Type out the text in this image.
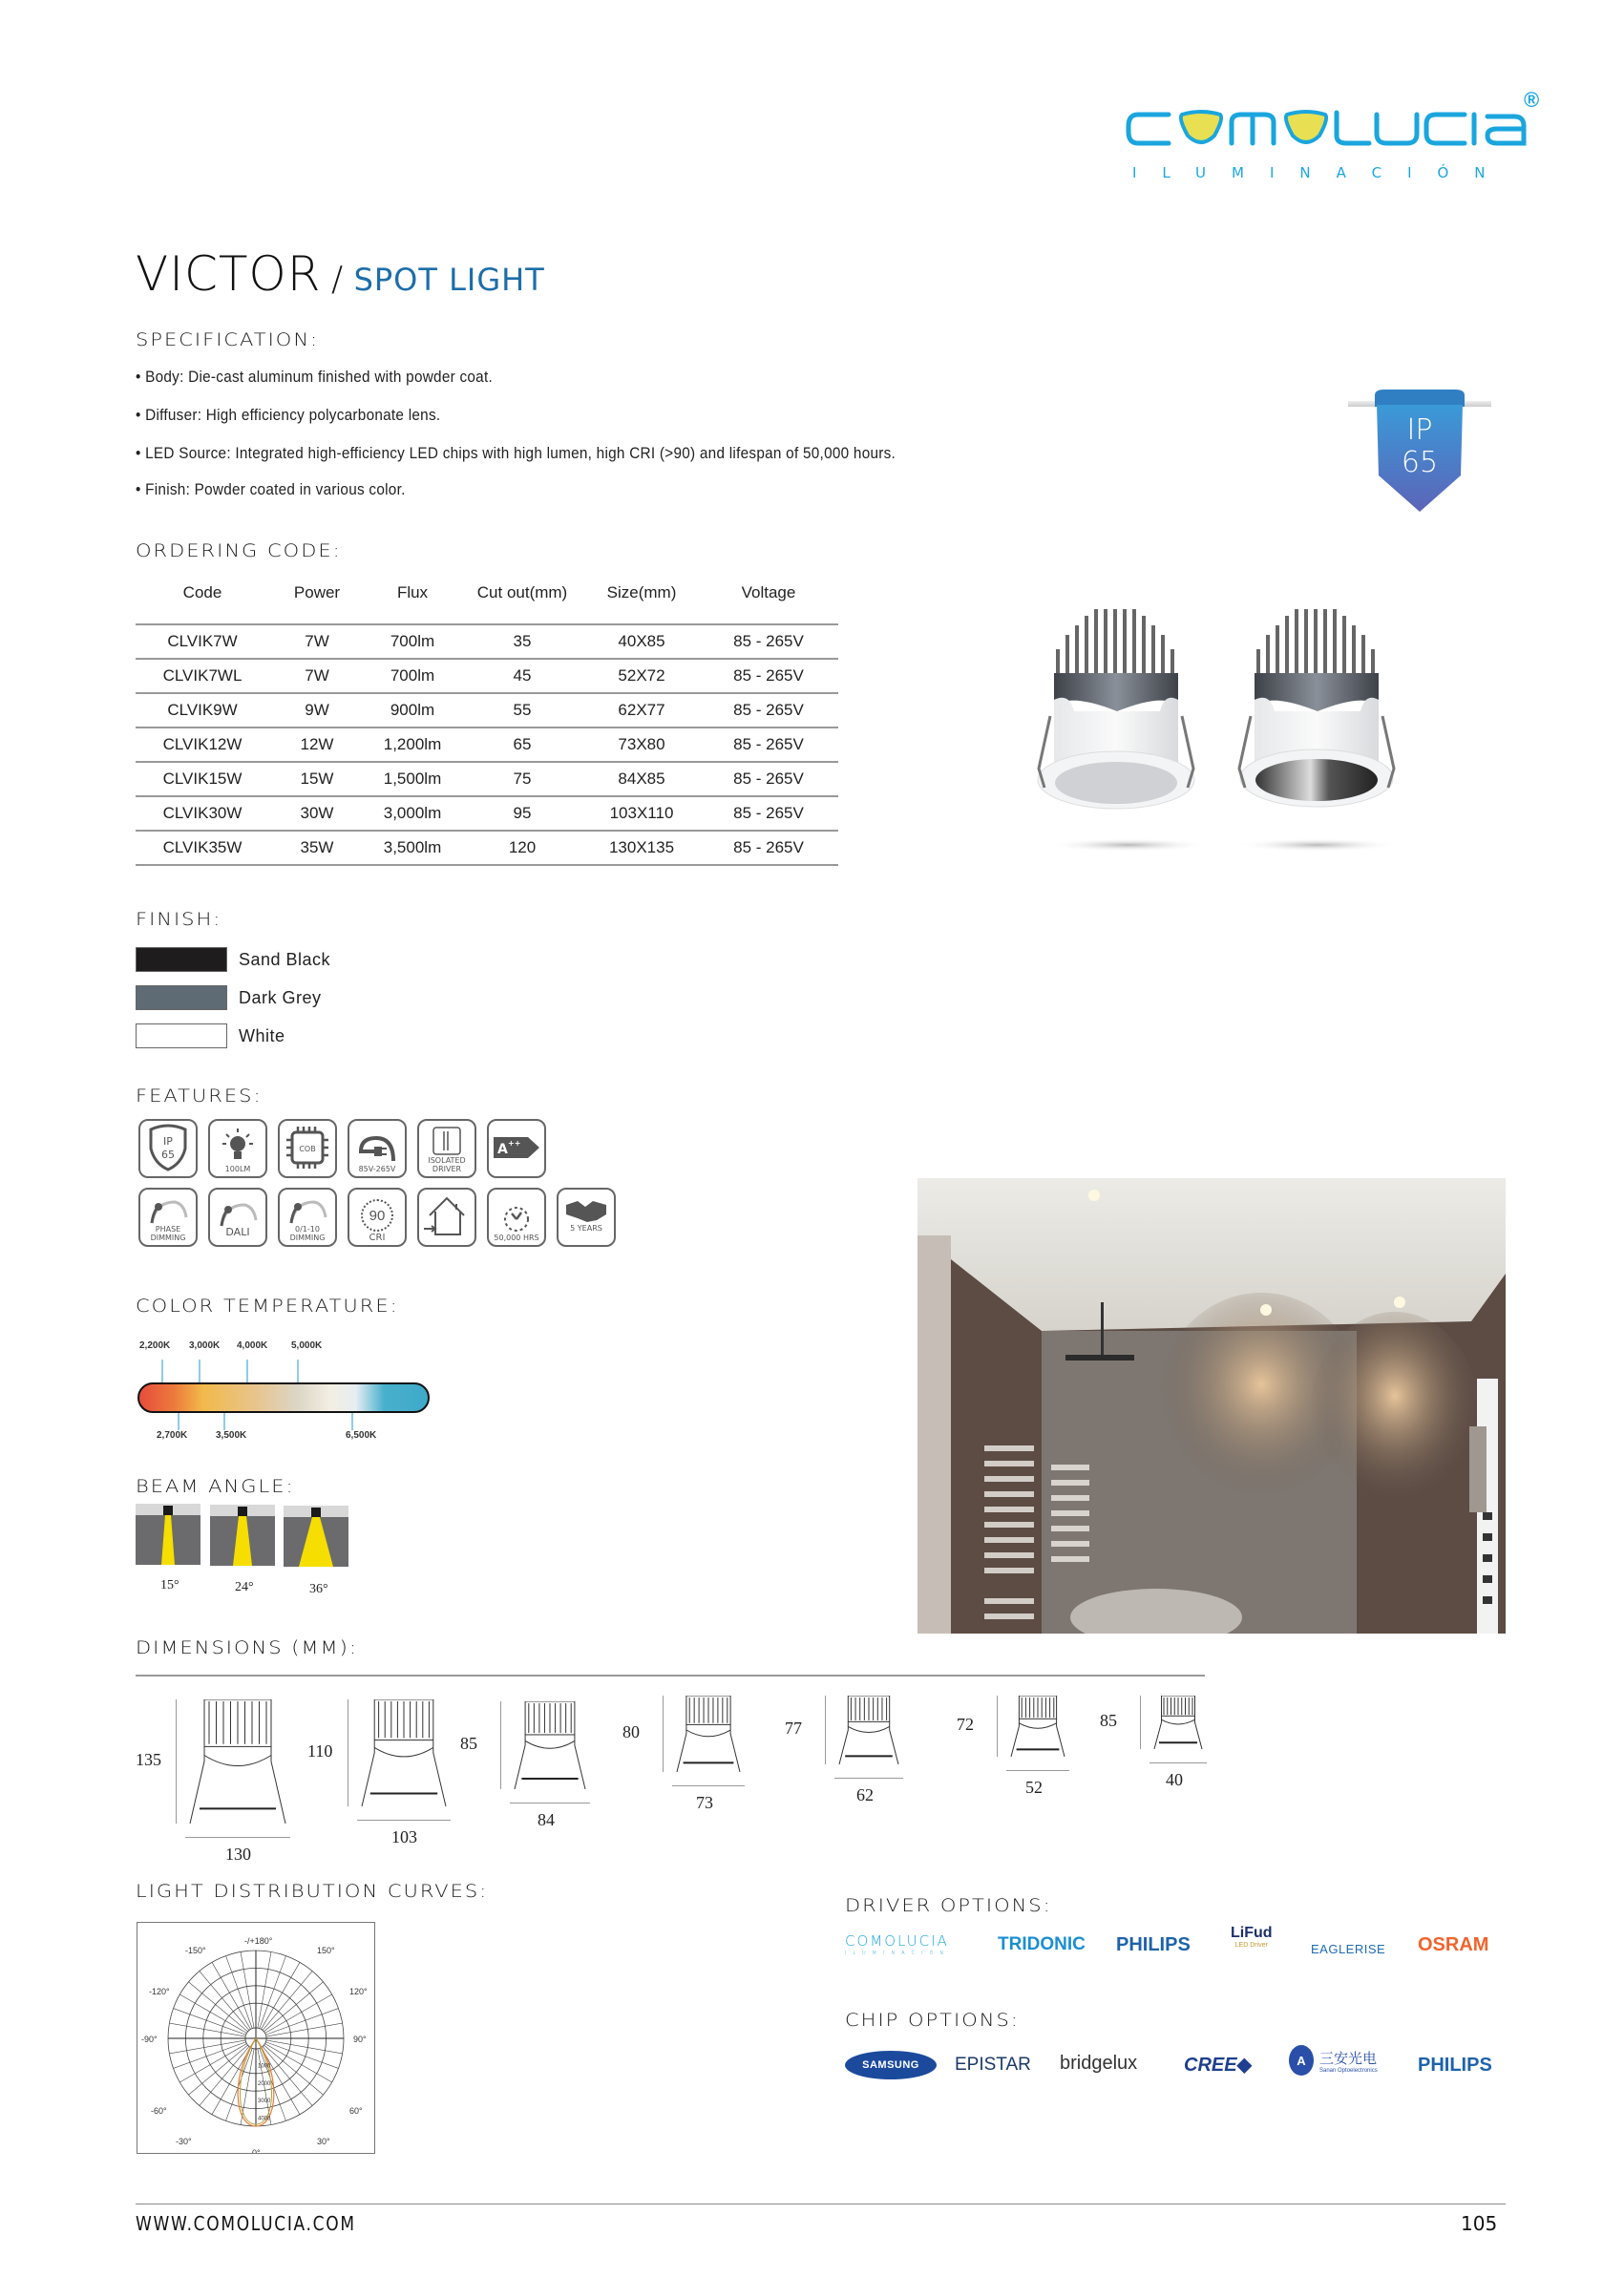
®
ILUMINACIÓN
VICTOR / SPOT LIGHT
IP
65
SPECIFICATION:
• Body: Die-cast aluminum finished with powder coat.
• Diffuser: High efficiency polycarbonate lens.
• LED Source: Integrated high-efficiency LED chips with high lumen, high CRI (>90) and lifespan of 50,000 hours.
• Finish: Powder coated in various color.
ORDERING CODE:
Code	Power	Flux	Cut out(mm)	Size(mm)	Voltage
CLVIK7W	7W	700lm	35	40X85	85 - 265V
CLVIK7WL	7W	700lm	45	52X72	85 - 265V
CLVIK9W	9W	900lm	55	62X77	85 - 265V
CLVIK12W	12W	1,200lm	65	73X80	85 - 265V
CLVIK15W	15W	1,500lm	75	84X85	85 - 265V
CLVIK30W	30W	3,000lm	95	103X110	85 - 265V
CLVIK35W	35W	3,500lm	120	130X135	85 - 265V
FINISH:
Sand Black
Dark Grey
White
FEATURES:
IP
65
100LM
COB
85V-265V
ISOLATED DRIVER
A ++
PHASE DIMMING	DALI	0/1-10 DIMMING
90
CRI	50,000 HRS
5 YEARS
COLOR TEMPERATURE:
2,200K 3,000K 4,000K 5,000K
2,700K	3,500K	6,500K
BEAM ANGLE:
15°	24°	36°
DIMENSIONS (MM):
135
130
110
103
85
84
80
73
77
62
72
52
85
40
LIGHT DISTRIBUTION CURVES:
-/+180°
-150°	150°
-120°	120°
-90°	90°
-60°	60°
-30°	30°
0°
1000
2000
3000
4000
DRIVER OPTIONS:
COMOLUCIA
ILUMINACIÓN	TRIDONIC PHILIPS
LiFud
LED Driver	EAGLERISE OSRAM
CHIP OPTIONS:
SAMSUNG EPISTAR bridgelux CREE◆	A 三安光电
Sanan Optoelectronics PHILIPS
WWW.COMOLUCIA.COM	105
